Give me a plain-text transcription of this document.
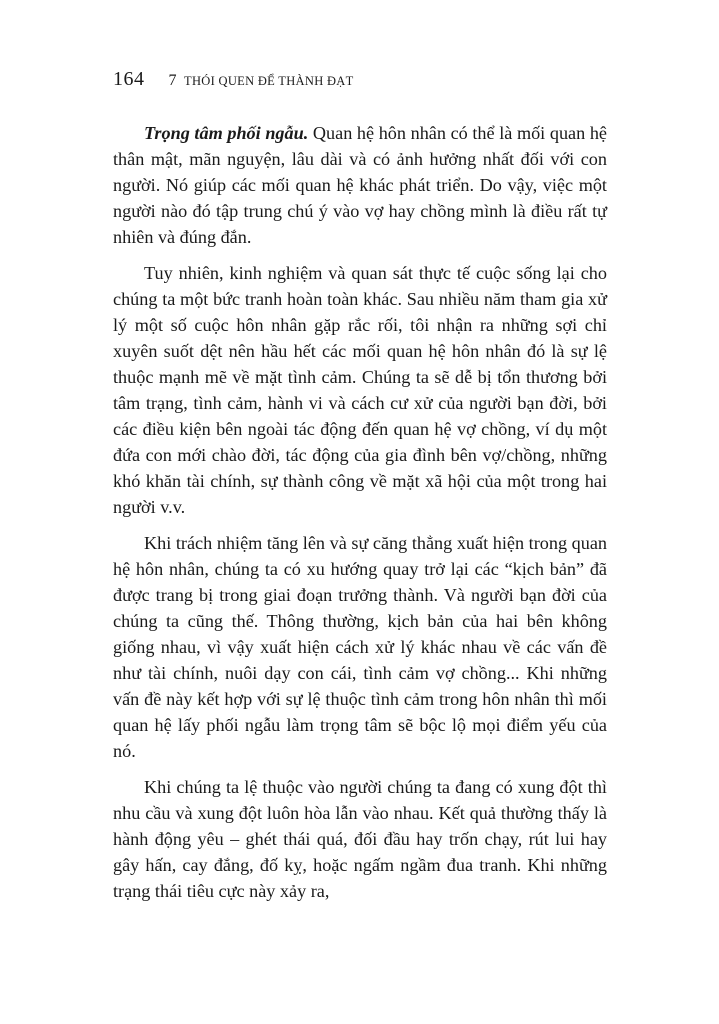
164 7 THÓI QUEN ĐỂ THÀNH ĐẠT

Trọng tâm phối ngẫu. Quan hệ hôn nhân có thể là mối quan hệ thân mật, mãn nguyện, lâu dài và có ảnh hưởng nhất đối với con người. Nó giúp các mối quan hệ khác phát triển. Do vậy, việc một người nào đó tập trung chú ý vào vợ hay chồng mình là điều rất tự nhiên và đúng đắn.

Tuy nhiên, kinh nghiệm và quan sát thực tế cuộc sống lại cho chúng ta một bức tranh hoàn toàn khác. Sau nhiều năm tham gia xử lý một số cuộc hôn nhân gặp rắc rối, tôi nhận ra những sợi chỉ xuyên suốt dệt nên hầu hết các mối quan hệ hôn nhân đó là sự lệ thuộc mạnh mẽ về mặt tình cảm. Chúng ta sẽ dễ bị tổn thương bởi tâm trạng, tình cảm, hành vi và cách cư xử của người bạn đời, bởi các điều kiện bên ngoài tác động đến quan hệ vợ chồng, ví dụ một đứa con mới chào đời, tác động của gia đình bên vợ/chồng, những khó khăn tài chính, sự thành công về mặt xã hội của một trong hai người v.v.

Khi trách nhiệm tăng lên và sự căng thẳng xuất hiện trong quan hệ hôn nhân, chúng ta có xu hướng quay trở lại các “kịch bản” đã được trang bị trong giai đoạn trưởng thành. Và người bạn đời của chúng ta cũng thế. Thông thường, kịch bản của hai bên không giống nhau, vì vậy xuất hiện cách xử lý khác nhau về các vấn đề như tài chính, nuôi dạy con cái, tình cảm vợ chồng... Khi những vấn đề này kết hợp với sự lệ thuộc tình cảm trong hôn nhân thì mối quan hệ lấy phối ngẫu làm trọng tâm sẽ bộc lộ mọi điểm yếu của nó.

Khi chúng ta lệ thuộc vào người chúng ta đang có xung đột thì nhu cầu và xung đột luôn hòa lẫn vào nhau. Kết quả thường thấy là hành động yêu – ghét thái quá, đối đầu hay trốn chạy, rút lui hay gây hấn, cay đắng, đố kỵ, hoặc ngấm ngầm đua tranh. Khi những trạng thái tiêu cực này xảy ra,
